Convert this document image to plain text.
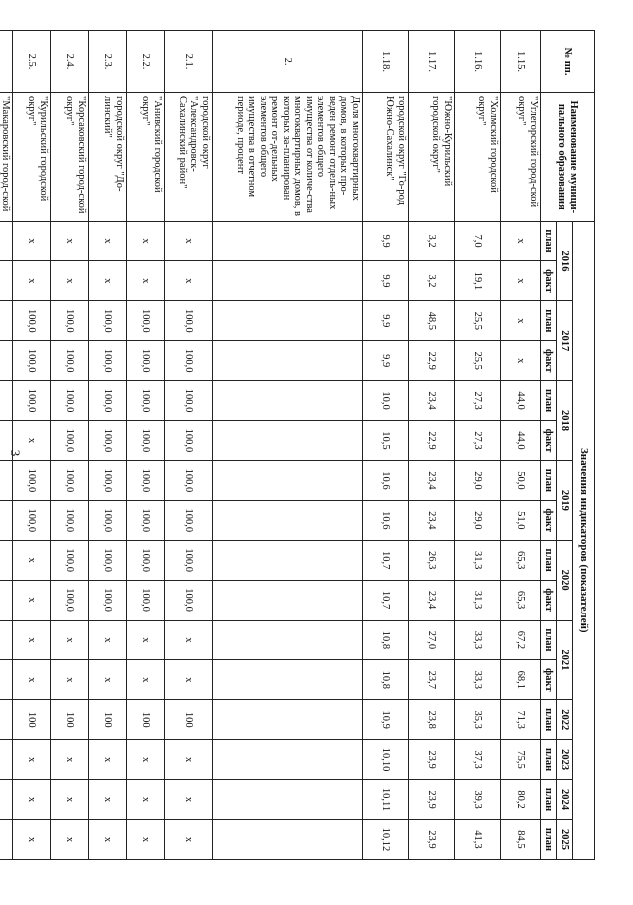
3
№ пп.	Наименование муници-пального образования	Значения индикаторов (показателей)															
		2016		2017		2018		2019		2020		2021		2022	2023	2024	2025
		план	факт	план	факт	план	факт	план	факт	план	факт	план	факт	план	план	план	план
1.15.	"Углегорский город-ской округ"	х	х	х	х	44,0	44,0	50,0	51,0	65,3	65,3	67,2	68,1	71,3	75,5	80,2	84,5
1.16.	"Холмский городской округ"	7,0	19,1	25,5	25,5	27,3	27,3	29,0	29,0	31,3	31,3	33,3	33,3	35,3	37,3	39,3	41,3
1.17.	"Южно-Курильский городской округ"	3,2	3,2	48,5	22,9	23,4	22,9	23,4	23,4	26,3	23,4	27,0	23,7	23,8	23,9	23,9	23,9
1.18.	городской округ "Го-род Южно-Сахалинск"	9,9	9,9	9,9	9,9	10,0	10,5	10,6	10,6	10,7	10,7	10,8	10,8	10,9	10,10	10,11	10,12
2.	Доля многоквартирных домов, в которых про-веден ремонт отдель-ных элементов общего имущества от количе-ства многоквартирных домов, в которых за-планирован ремонт от-дельных элементов общего имущества в отчетном периоде, процент																
2.1.	городской округ "Александровск-Сахалинский район"	х	х	100,0	100,0	100,0	100,0	100,0	100,0	100,0	100,0	х	х	100	х	х	х
2.2.	"Анивский городской округ"	х	х	100,0	100,0	100,0	100,0	100,0	100,0	100,0	100,0	х	х	100	х	х	х
2.3.	городской округ "До-линский"	х	х	100,0	100,0	100,0	100,0	100,0	100,0	100,0	100,0	х	х	100	х	х	х
2.4.	"Корсаковский город-ской округ"	х	х	100,0	100,0	100,0	100,0	100,0	100,0	100,0	100,0	х	х	100	х	х	х
2.5.	"Курильский городской округ"	х	х	100,0	100,0	100,0	х	100,0	100,0	х	х	х	х	100	х	х	х
	"Макаровский город-ской																
